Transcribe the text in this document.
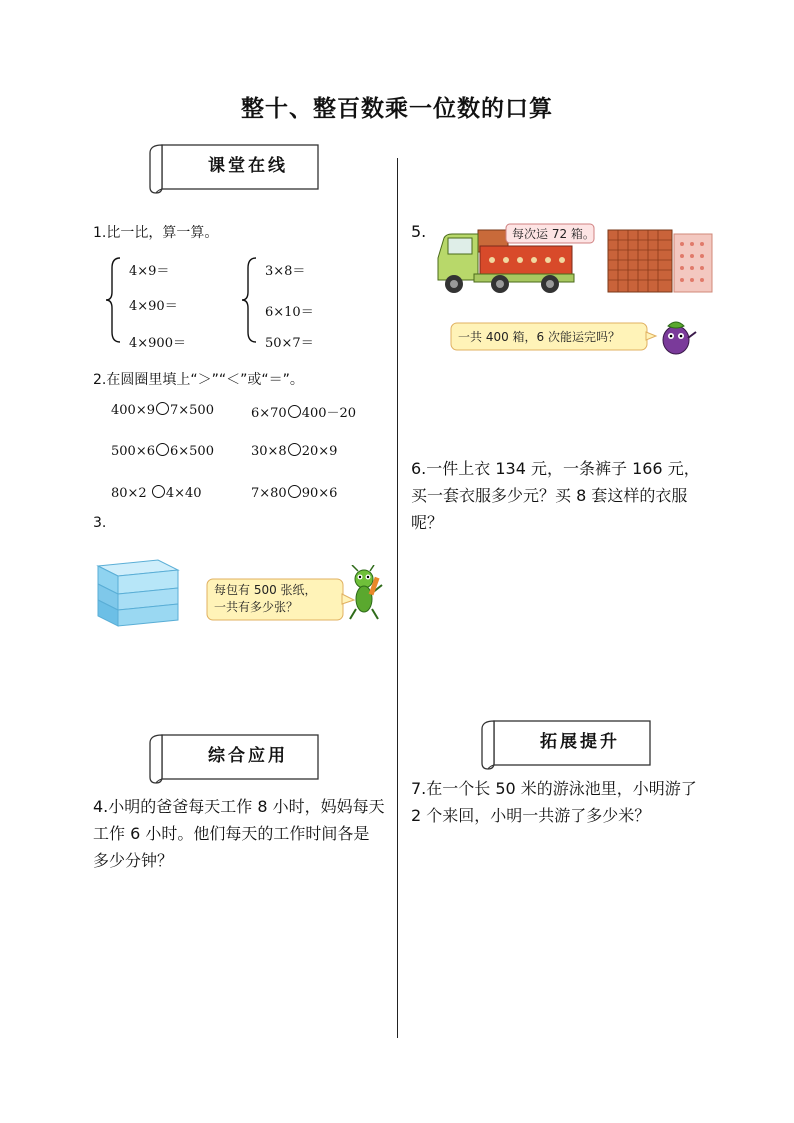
整十、整百数乘一位数的口算
课堂在线
1.比一比，算一算。
4×9＝
4×90＝
4×900＝
3×8＝
6×10＝
50×7＝
2.在圆圈里填上“＞”“＜”或“＝”。
400×9 7×500	6×70 400－20
500×6 6×500	30×8 20×9
80×2 4×40	7×80 90×6
3.
每包有 500 张纸，
一共有多少张？
综合应用
4.小明的爸爸每天工作 8 小时，妈妈每天工作 6 小时。他们每天的工作时间各是多少分钟？
5.	每次运 72 箱。
一共 400 箱，6 次能运完吗？
6.一件上衣 134 元，一条裤子 166 元，买一套衣服多少元？买 8 套这样的衣服呢？
拓展提升
7.在一个长 50 米的游泳池里，小明游了 2 个来回，小明一共游了多少米？
